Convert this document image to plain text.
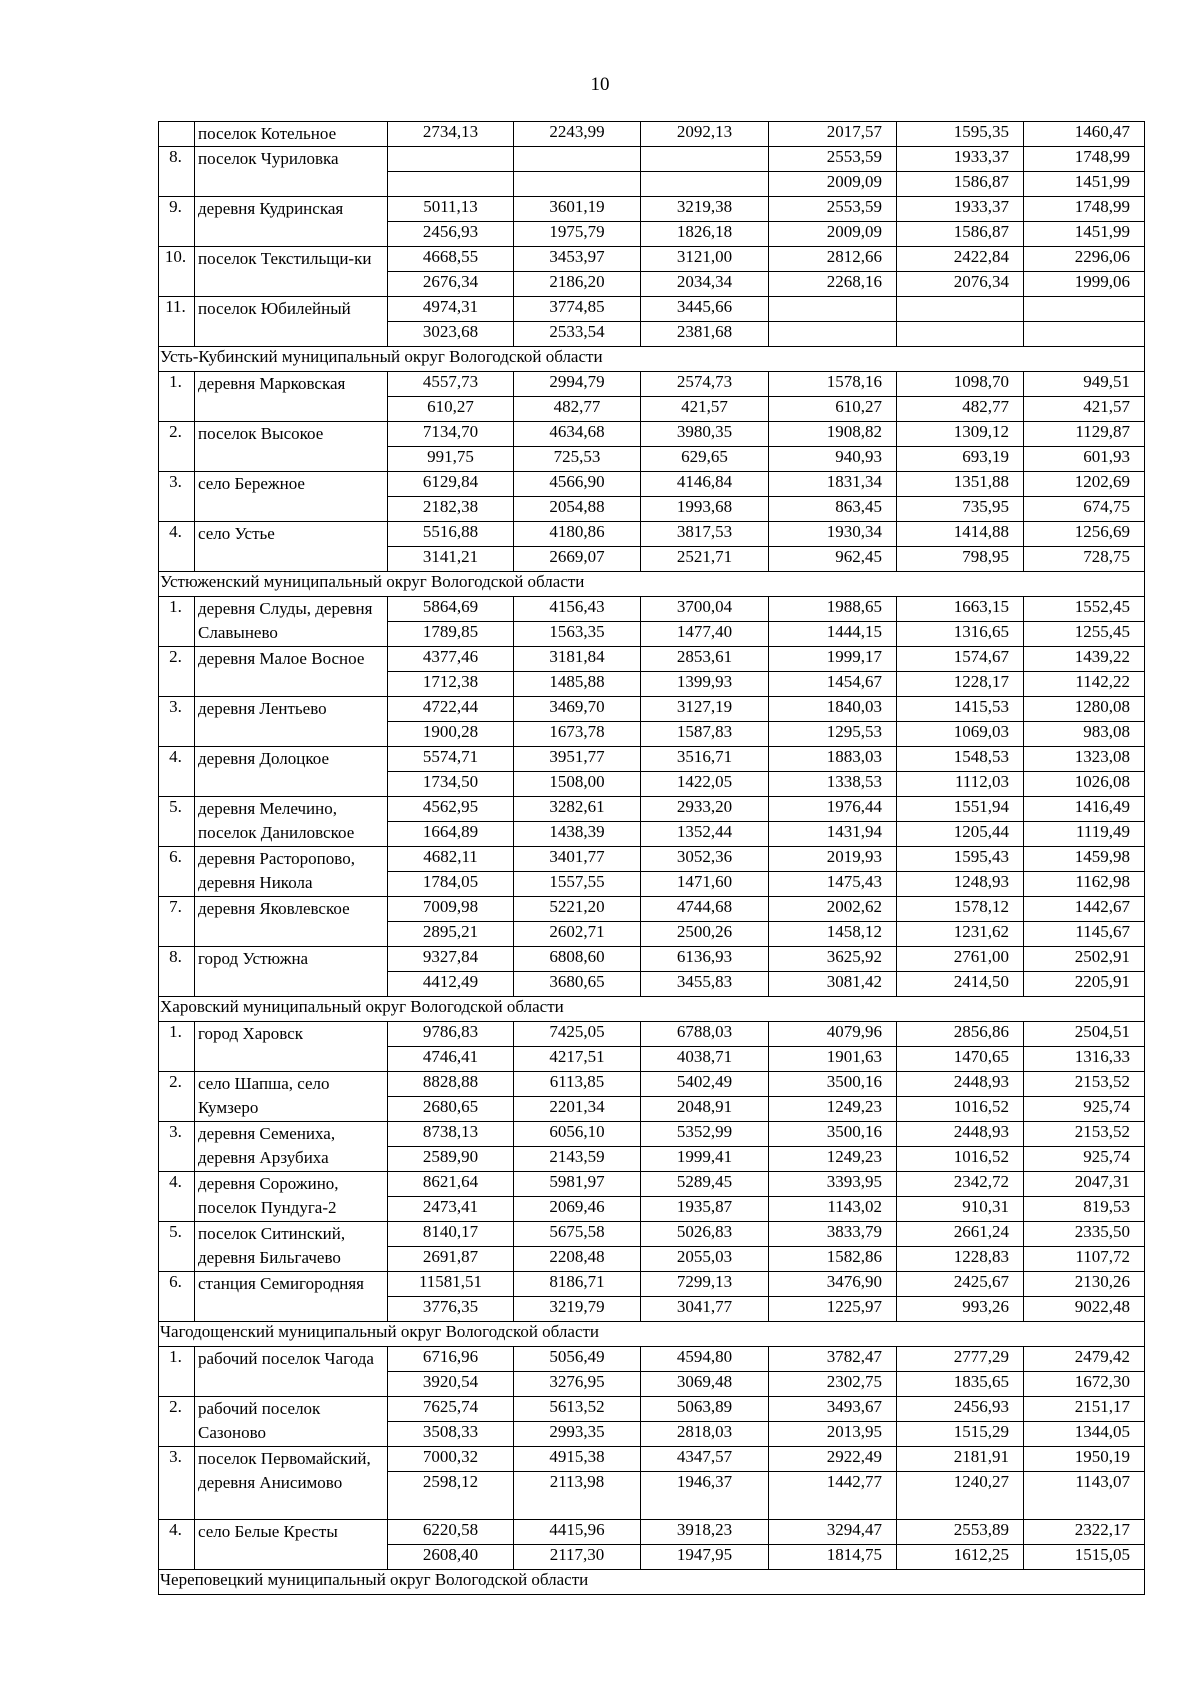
10
	поселок Котельное	2734,13	2243,99	2092,13	2017,57	1595,35	1460,47
8.	поселок Чуриловка				2553,59	1933,37	1748,99
					2009,09	1586,87	1451,99
9.	деревня Кудринская	5011,13	3601,19	3219,38	2553,59	1933,37	1748,99
		2456,93	1975,79	1826,18	2009,09	1586,87	1451,99
10.	поселок Текстильщи-ки	4668,55	3453,97	3121,00	2812,66	2422,84	2296,06
		2676,34	2186,20	2034,34	2268,16	2076,34	1999,06
11.	поселок Юбилейный	4974,31	3774,85	3445,66			
		3023,68	2533,54	2381,68			
Усть-Кубинский муниципальный округ Вологодской области							
1.	деревня Марковская	4557,73	2994,79	2574,73	1578,16	1098,70	949,51
		610,27	482,77	421,57	610,27	482,77	421,57
2.	поселок Высокое	7134,70	4634,68	3980,35	1908,82	1309,12	1129,87
		991,75	725,53	629,65	940,93	693,19	601,93
3.	село Бережное	6129,84	4566,90	4146,84	1831,34	1351,88	1202,69
		2182,38	2054,88	1993,68	863,45	735,95	674,75
4.	село Устье	5516,88	4180,86	3817,53	1930,34	1414,88	1256,69
		3141,21	2669,07	2521,71	962,45	798,95	728,75
Устюженский муниципальный округ Вологодской области							
1.	деревня Слуды, деревня Славынево	5864,69	4156,43	3700,04	1988,65	1663,15	1552,45
		1789,85	1563,35	1477,40	1444,15	1316,65	1255,45
2.	деревня Малое Восное	4377,46	3181,84	2853,61	1999,17	1574,67	1439,22
		1712,38	1485,88	1399,93	1454,67	1228,17	1142,22
3.	деревня Лентьево	4722,44	3469,70	3127,19	1840,03	1415,53	1280,08
		1900,28	1673,78	1587,83	1295,53	1069,03	983,08
4.	деревня Долоцкое	5574,71	3951,77	3516,71	1883,03	1548,53	1323,08
		1734,50	1508,00	1422,05	1338,53	1112,03	1026,08
5.	деревня Мелечино, поселок Даниловское	4562,95	3282,61	2933,20	1976,44	1551,94	1416,49
		1664,89	1438,39	1352,44	1431,94	1205,44	1119,49
6.	деревня Расторопово, деревня Никола	4682,11	3401,77	3052,36	2019,93	1595,43	1459,98
		1784,05	1557,55	1471,60	1475,43	1248,93	1162,98
7.	деревня Яковлевское	7009,98	5221,20	4744,68	2002,62	1578,12	1442,67
		2895,21	2602,71	2500,26	1458,12	1231,62	1145,67
8.	город Устюжна	9327,84	6808,60	6136,93	3625,92	2761,00	2502,91
		4412,49	3680,65	3455,83	3081,42	2414,50	2205,91
Харовский муниципальный округ Вологодской области							
1.	город Харовск	9786,83	7425,05	6788,03	4079,96	2856,86	2504,51
		4746,41	4217,51	4038,71	1901,63	1470,65	1316,33
2.	село Шапша, село Кумзеро	8828,88	6113,85	5402,49	3500,16	2448,93	2153,52
		2680,65	2201,34	2048,91	1249,23	1016,52	925,74
3.	деревня Семениха, деревня Арзубиха	8738,13	6056,10	5352,99	3500,16	2448,93	2153,52
		2589,90	2143,59	1999,41	1249,23	1016,52	925,74
4.	деревня Сорожино, поселок Пундуга-2	8621,64	5981,97	5289,45	3393,95	2342,72	2047,31
		2473,41	2069,46	1935,87	1143,02	910,31	819,53
5.	поселок Ситинский, деревня Бильгачево	8140,17	5675,58	5026,83	3833,79	2661,24	2335,50
		2691,87	2208,48	2055,03	1582,86	1228,83	1107,72
6.	станция Семигородняя	11581,51	8186,71	7299,13	3476,90	2425,67	2130,26
		3776,35	3219,79	3041,77	1225,97	993,26	9022,48
Чагодощенский муниципальный округ Вологодской области							
1.	рабочий поселок Чагода	6716,96	5056,49	4594,80	3782,47	2777,29	2479,42
		3920,54	3276,95	3069,48	2302,75	1835,65	1672,30
2.	рабочий поселок Сазоново	7625,74	5613,52	5063,89	3493,67	2456,93	2151,17
		3508,33	2993,35	2818,03	2013,95	1515,29	1344,05
3.	поселок Первомайский, деревня Анисимово	7000,32	4915,38	4347,57	2922,49	2181,91	1950,19
		2598,12	2113,98	1946,37	1442,77	1240,27	1143,07
4.	село Белые Кресты	6220,58	4415,96	3918,23	3294,47	2553,89	2322,17
		2608,40	2117,30	1947,95	1814,75	1612,25	1515,05
Череповецкий муниципальный округ Вологодской области							
